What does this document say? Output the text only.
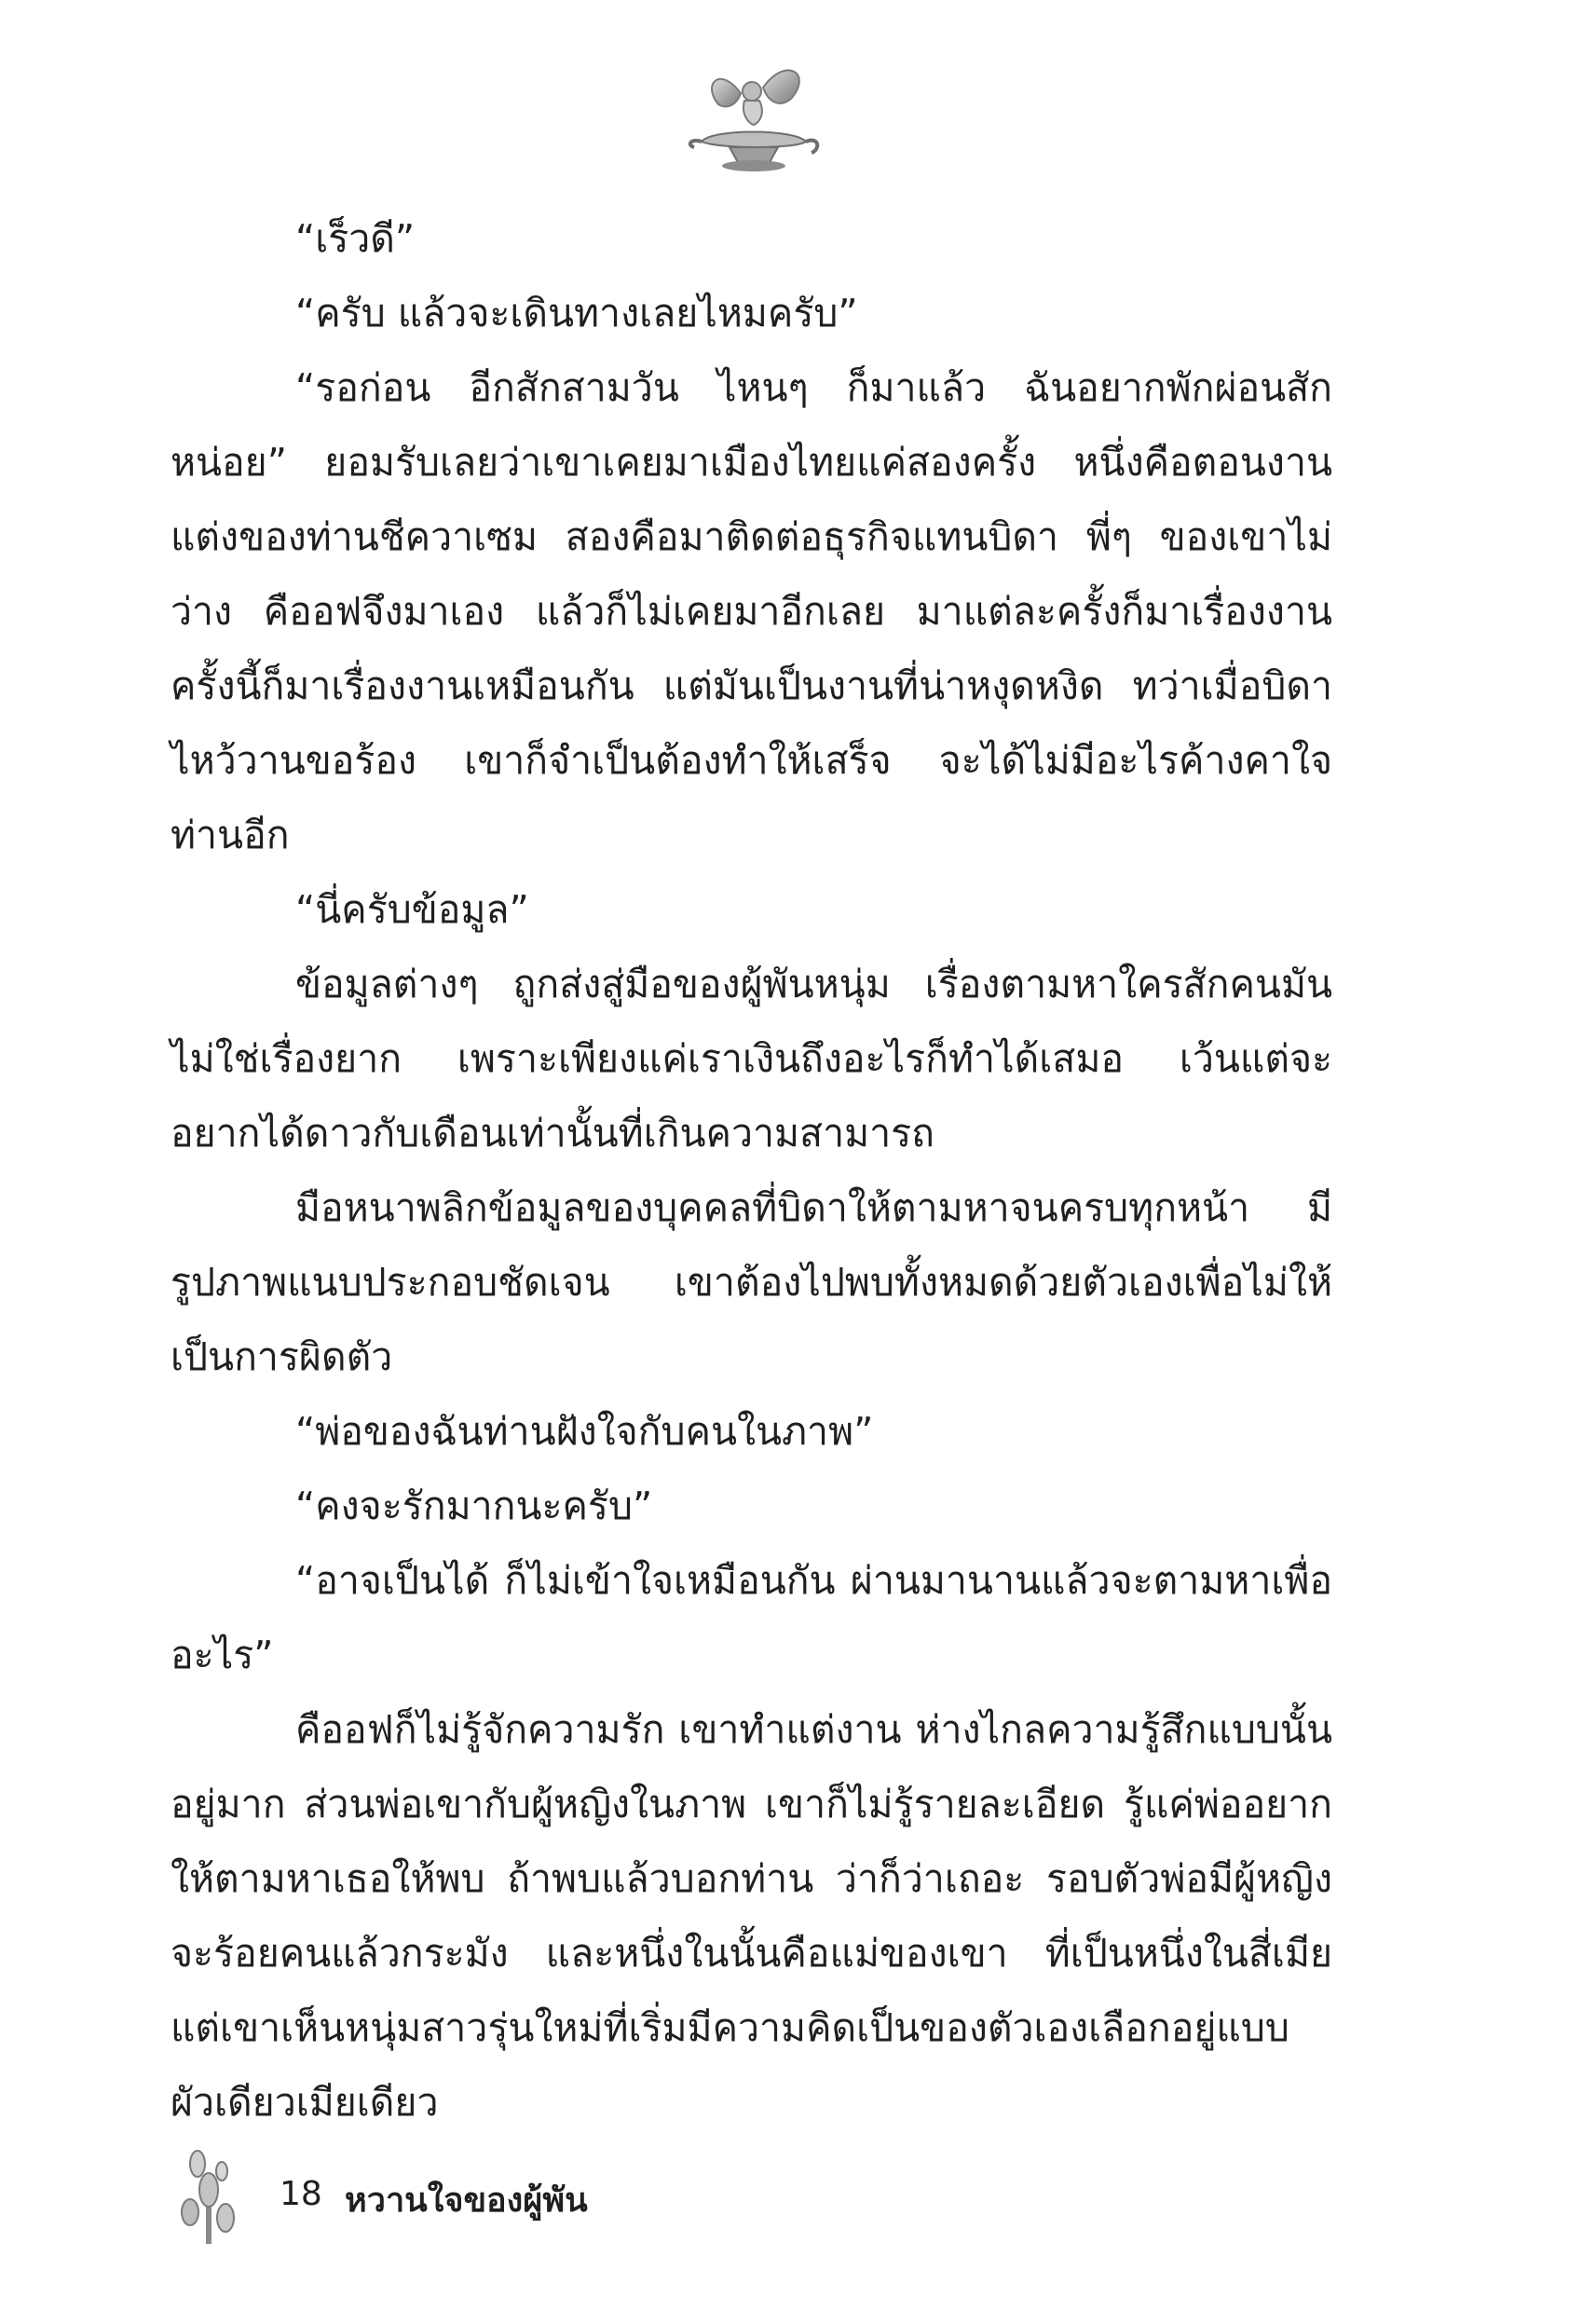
“เร็วดี”

“ครับ แล้วจะเดินทางเลยไหมครับ”

“รอก่อน อีกสักสามวัน ไหนๆ ก็มาแล้ว ฉันอยากพักผ่อนสักหน่อย” ยอมรับเลยว่าเขาเคยมาเมืองไทยแค่สองครั้ง หนึ่งคือตอนงานแต่งของท่านชีควาเซม สองคือมาติดต่อธุรกิจแทนบิดา พี่ๆ ของเขาไม่ว่าง คืออฟจึงมาเอง แล้วก็ไม่เคยมาอีกเลย มาแต่ละครั้งก็มาเรื่องงาน ครั้งนี้ก็มาเรื่องงานเหมือนกัน แต่มันเป็นงานที่น่าหงุดหงิด ทว่าเมื่อบิดาไหว้วานขอร้อง เขาก็จำเป็นต้องทำให้เสร็จ จะได้ไม่มีอะไรค้างคาใจท่านอีก

“นี่ครับข้อมูล”

ข้อมูลต่างๆ ถูกส่งสู่มือของผู้พันหนุ่ม เรื่องตามหาใครสักคนมันไม่ใช่เรื่องยาก เพราะเพียงแค่เราเงินถึงอะไรก็ทำได้เสมอ เว้นแต่จะอยากได้ดาวกับเดือนเท่านั้นที่เกินความสามารถ

มือหนาพลิกข้อมูลของบุคคลที่บิดาให้ตามหาจนครบทุกหน้า มีรูปภาพแนบประกอบชัดเจน เขาต้องไปพบทั้งหมดด้วยตัวเองเพื่อไม่ให้เป็นการผิดตัว

“พ่อของฉันท่านฝังใจกับคนในภาพ”

“คงจะรักมากนะครับ”

“อาจเป็นได้ ก็ไม่เข้าใจเหมือนกัน ผ่านมานานแล้วจะตามหาเพื่ออะไร”

คืออฟก็ไม่รู้จักความรัก เขาทำแต่งาน ห่างไกลความรู้สึกแบบนั้นอยู่มาก ส่วนพ่อเขากับผู้หญิงในภาพ เขาก็ไม่รู้รายละเอียด รู้แค่พ่ออยากให้ตามหาเธอให้พบ ถ้าพบแล้วบอกท่าน ว่าก็ว่าเถอะ รอบตัวพ่อมีผู้หญิงจะร้อยคนแล้วกระมัง และหนึ่งในนั้นคือแม่ของเขา ที่เป็นหนึ่งในสี่เมีย แต่เขาเห็นหนุ่มสาวรุ่นใหม่ที่เริ่มมีความคิดเป็นของตัวเองเลือกอยู่แบบผัวเดียวเมียเดียว

18 หวานใจของผู้พัน
